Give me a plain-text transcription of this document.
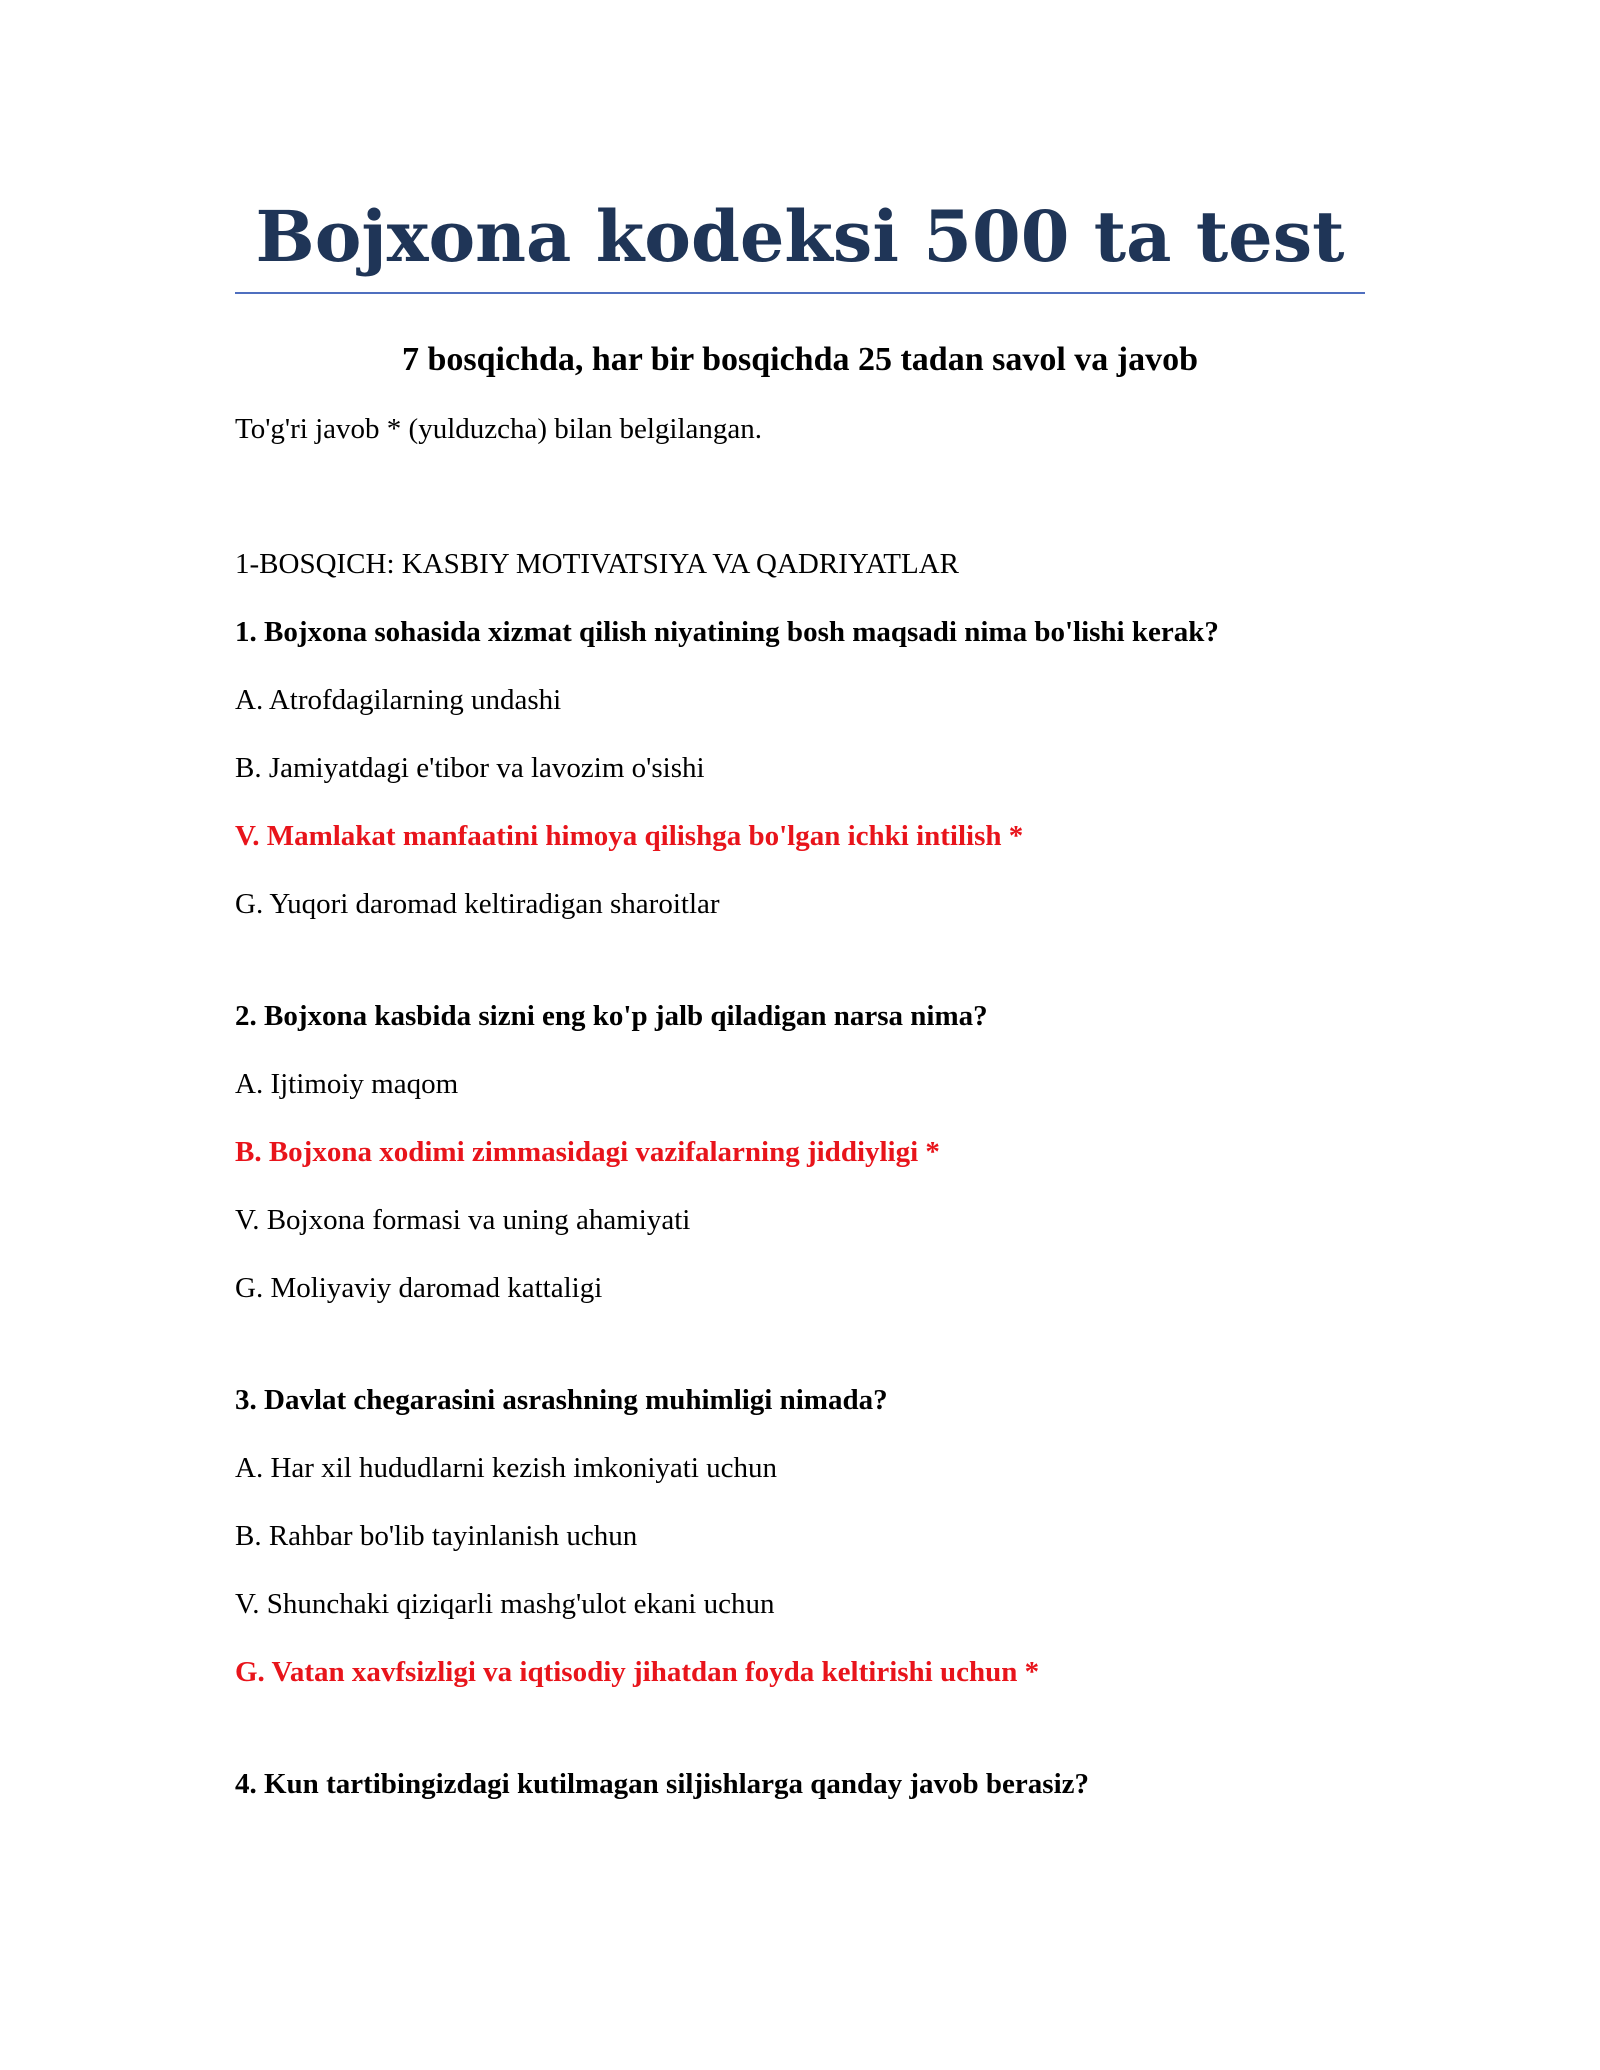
Bojxona kodeksi 500 ta test
7 bosqichda, har bir bosqichda 25 tadan savol va javob
To'g'ri javob * (yulduzcha) bilan belgilangan.
1-BOSQICH: KASBIY MOTIVATSIYA VA QADRIYATLAR
1. Bojxona sohasida xizmat qilish niyatining bosh maqsadi nima bo'lishi kerak?
A. Atrofdagilarning undashi
B. Jamiyatdagi e'tibor va lavozim o'sishi
V. Mamlakat manfaatini himoya qilishga bo'lgan ichki intilish *
G. Yuqori daromad keltiradigan sharoitlar
2. Bojxona kasbida sizni eng ko'p jalb qiladigan narsa nima?
A. Ijtimoiy maqom
B. Bojxona xodimi zimmasidagi vazifalarning jiddiyligi *
V. Bojxona formasi va uning ahamiyati
G. Moliyaviy daromad kattaligi
3. Davlat chegarasini asrashning muhimligi nimada?
A. Har xil hududlarni kezish imkoniyati uchun
B. Rahbar bo'lib tayinlanish uchun
V. Shunchaki qiziqarli mashg'ulot ekani uchun
G. Vatan xavfsizligi va iqtisodiy jihatdan foyda keltirishi uchun *
4. Kun tartibingizdagi kutilmagan siljishlarga qanday javob berasiz?
